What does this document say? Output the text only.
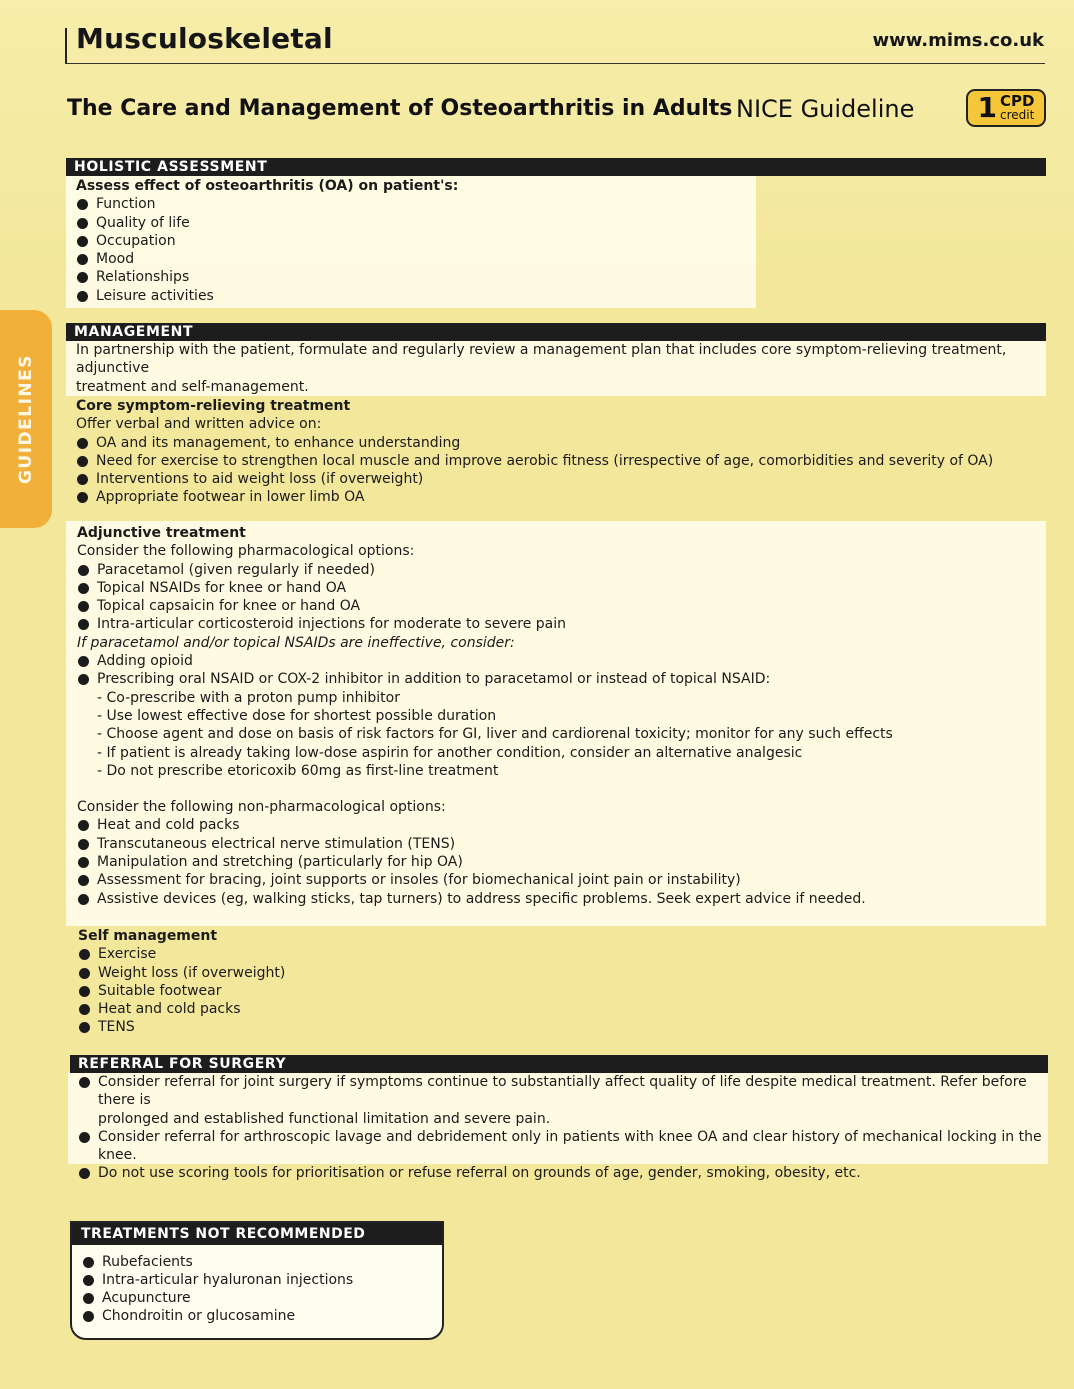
Musculoskeletal	www.mims.co.uk
The Care and Management of Osteoarthritis in Adults NICE Guideline 1 CPD
credit
GUIDELINES
HOLISTIC ASSESSMENT
Assess effect of osteoarthritis (OA) on patient's:
Function
Quality of life
Occupation
Mood
Relationships
Leisure activities
MANAGEMENT
In partnership with the patient, formulate and regularly review a management plan that includes core symptom-relieving treatment, adjunctive
treatment and self-management.
Core symptom-relieving treatment
Offer verbal and written advice on:
OA and its management, to enhance understanding
Need for exercise to strengthen local muscle and improve aerobic fitness (irrespective of age, comorbidities and severity of OA)
Interventions to aid weight loss (if overweight)
Appropriate footwear in lower limb OA
Adjunctive treatment
Consider the following pharmacological options:
Paracetamol (given regularly if needed)
Topical NSAIDs for knee or hand OA
Topical capsaicin for knee or hand OA
Intra-articular corticosteroid injections for moderate to severe pain
If paracetamol and/or topical NSAIDs are ineffective, consider:
Adding opioid
Prescribing oral NSAID or COX-2 inhibitor in addition to paracetamol or instead of topical NSAID:
- Co-prescribe with a proton pump inhibitor
- Use lowest effective dose for shortest possible duration
- Choose agent and dose on basis of risk factors for GI, liver and cardiorenal toxicity; monitor for any such effects
- If patient is already taking low-dose aspirin for another condition, consider an alternative analgesic
- Do not prescribe etoricoxib 60mg as first-line treatment
Consider the following non-pharmacological options:
Heat and cold packs
Transcutaneous electrical nerve stimulation (TENS)
Manipulation and stretching (particularly for hip OA)
Assessment for bracing, joint supports or insoles (for biomechanical joint pain or instability)
Assistive devices (eg, walking sticks, tap turners) to address specific problems. Seek expert advice if needed.
Self management
Exercise
Weight loss (if overweight)
Suitable footwear
Heat and cold packs
TENS
REFERRAL FOR SURGERY
Consider referral for joint surgery if symptoms continue to substantially affect quality of life despite medical treatment. Refer before there is
prolonged and established functional limitation and severe pain.
Consider referral for arthroscopic lavage and debridement only in patients with knee OA and clear history of mechanical locking in the knee.
Do not use scoring tools for prioritisation or refuse referral on grounds of age, gender, smoking, obesity, etc.
TREATMENTS NOT RECOMMENDED
Rubefacients
Intra-articular hyaluronan injections
Acupuncture
Chondroitin or glucosamine
